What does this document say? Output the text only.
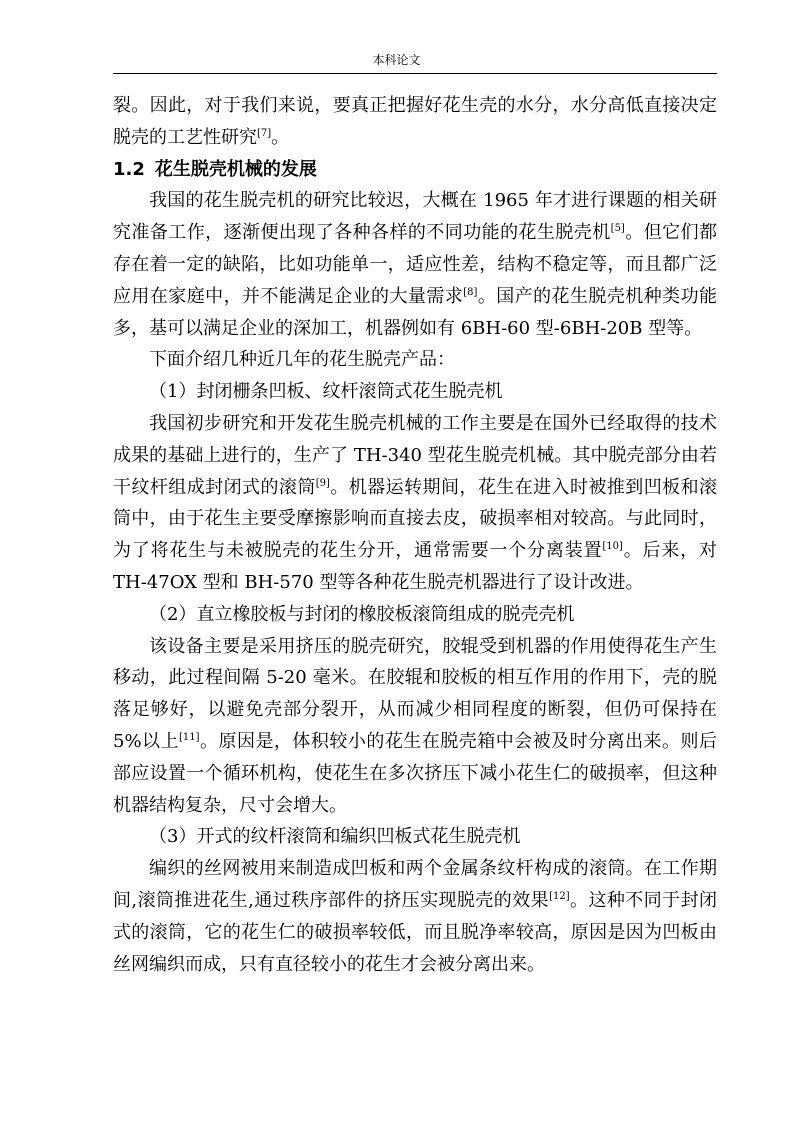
本科论文

裂。因此，对于我们来说，要真正把握好花生壳的水分，水分高低直接决定脱壳的工艺性研究[7]。

1.2 花生脱壳机械的发展

我国的花生脱壳机的研究比较迟，大概在 1965 年才进行课题的相关研究准备工作，逐渐便出现了各种各样的不同功能的花生脱壳机[5]。但它们都存在着一定的缺陷，比如功能单一，适应性差，结构不稳定等，而且都广泛应用在家庭中，并不能满足企业的大量需求[8]。国产的花生脱壳机种类功能多，基可以满足企业的深加工，机器例如有 6BH-60 型-6BH-20B 型等。

下面介绍几种近几年的花生脱壳产品：

（1）封闭栅条凹板、纹杆滚筒式花生脱壳机

我国初步研究和开发花生脱壳机械的工作主要是在国外已经取得的技术成果的基础上进行的，生产了 TH-340 型花生脱壳机械。其中脱壳部分由若干纹杆组成封闭式的滚筒[9]。机器运转期间，花生在进入时被推到凹板和滚筒中，由于花生主要受摩擦影响而直接去皮，破损率相对较高。与此同时，为了将花生与未被脱壳的花生分开，通常需要一个分离装置[10]。后来，对 TH-47OX 型和 BH-570 型等各种花生脱壳机器进行了设计改进。

（2）直立橡胶板与封闭的橡胶板滚筒组成的脱壳壳机

该设备主要是采用挤压的脱壳研究，胶辊受到机器的作用使得花生产生移动，此过程间隔 5-20 毫米。在胶辊和胶板的相互作用的作用下，壳的脱落足够好，以避免壳部分裂开，从而减少相同程度的断裂，但仍可保持在 5%以上[11]。原因是，体积较小的花生在脱壳箱中会被及时分离出来。则后部应设置一个循环机构，使花生在多次挤压下减小花生仁的破损率，但这种机器结构复杂，尺寸会增大。

（3）开式的纹杆滚筒和编织凹板式花生脱壳机

编织的丝网被用来制造成凹板和两个金属条纹杆构成的滚筒。在工作期间,滚筒推进花生,通过秩序部件的挤压实现脱壳的效果[12]。这种不同于封闭式的滚筒，它的花生仁的破损率较低，而且脱净率较高，原因是因为凹板由丝网编织而成，只有直径较小的花生才会被分离出来。
